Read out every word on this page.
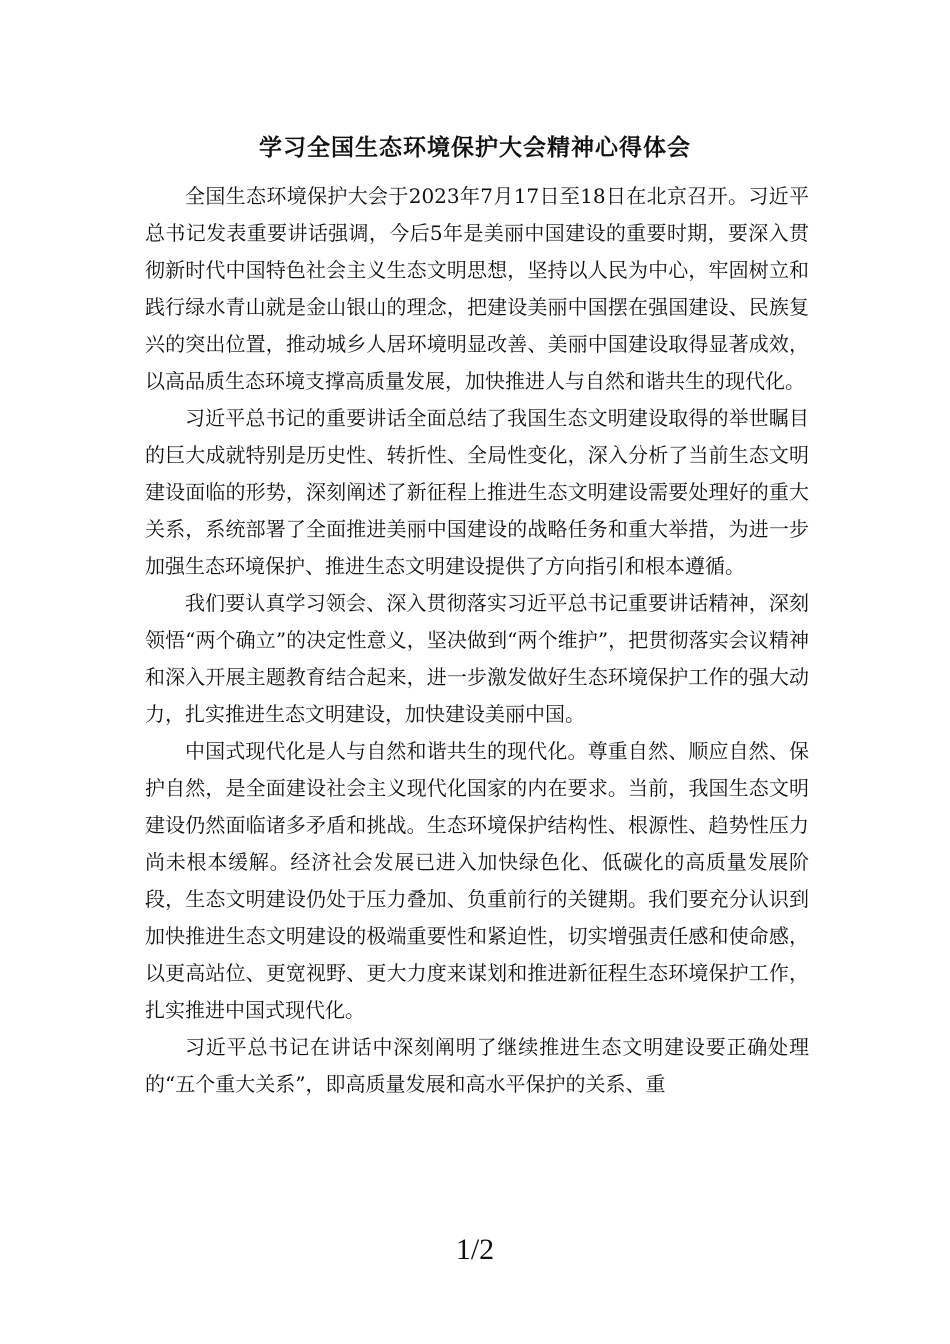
学习全国生态环境保护大会精神心得体会

全国生态环境保护大会于2023年7月17日至18日在北京召开。习近平总书记发表重要讲话强调，今后5年是美丽中国建设的重要时期，要深入贯彻新时代中国特色社会主义生态文明思想，坚持以人民为中心，牢固树立和践行绿水青山就是金山银山的理念，把建设美丽中国摆在强国建设、民族复兴的突出位置，推动城乡人居环境明显改善、美丽中国建设取得显著成效，以高品质生态环境支撑高质量发展，加快推进人与自然和谐共生的现代化。

习近平总书记的重要讲话全面总结了我国生态文明建设取得的举世瞩目的巨大成就特别是历史性、转折性、全局性变化，深入分析了当前生态文明建设面临的形势，深刻阐述了新征程上推进生态文明建设需要处理好的重大关系，系统部署了全面推进美丽中国建设的战略任务和重大举措，为进一步加强生态环境保护、推进生态文明建设提供了方向指引和根本遵循。

我们要认真学习领会、深入贯彻落实习近平总书记重要讲话精神，深刻领悟“两个确立”的决定性意义，坚决做到“两个维护”，把贯彻落实会议精神和深入开展主题教育结合起来，进一步激发做好生态环境保护工作的强大动力，扎实推进生态文明建设，加快建设美丽中国。

中国式现代化是人与自然和谐共生的现代化。尊重自然、顺应自然、保护自然，是全面建设社会主义现代化国家的内在要求。当前，我国生态文明建设仍然面临诸多矛盾和挑战。生态环境保护结构性、根源性、趋势性压力尚未根本缓解。经济社会发展已进入加快绿色化、低碳化的高质量发展阶段，生态文明建设仍处于压力叠加、负重前行的关键期。我们要充分认识到加快推进生态文明建设的极端重要性和紧迫性，切实增强责任感和使命感，以更高站位、更宽视野、更大力度来谋划和推进新征程生态环境保护工作，扎实推进中国式现代化。

习近平总书记在讲话中深刻阐明了继续推进生态文明建设要正确处理的“五个重大关系”，即高质量发展和高水平保护的关系、重

1/2
